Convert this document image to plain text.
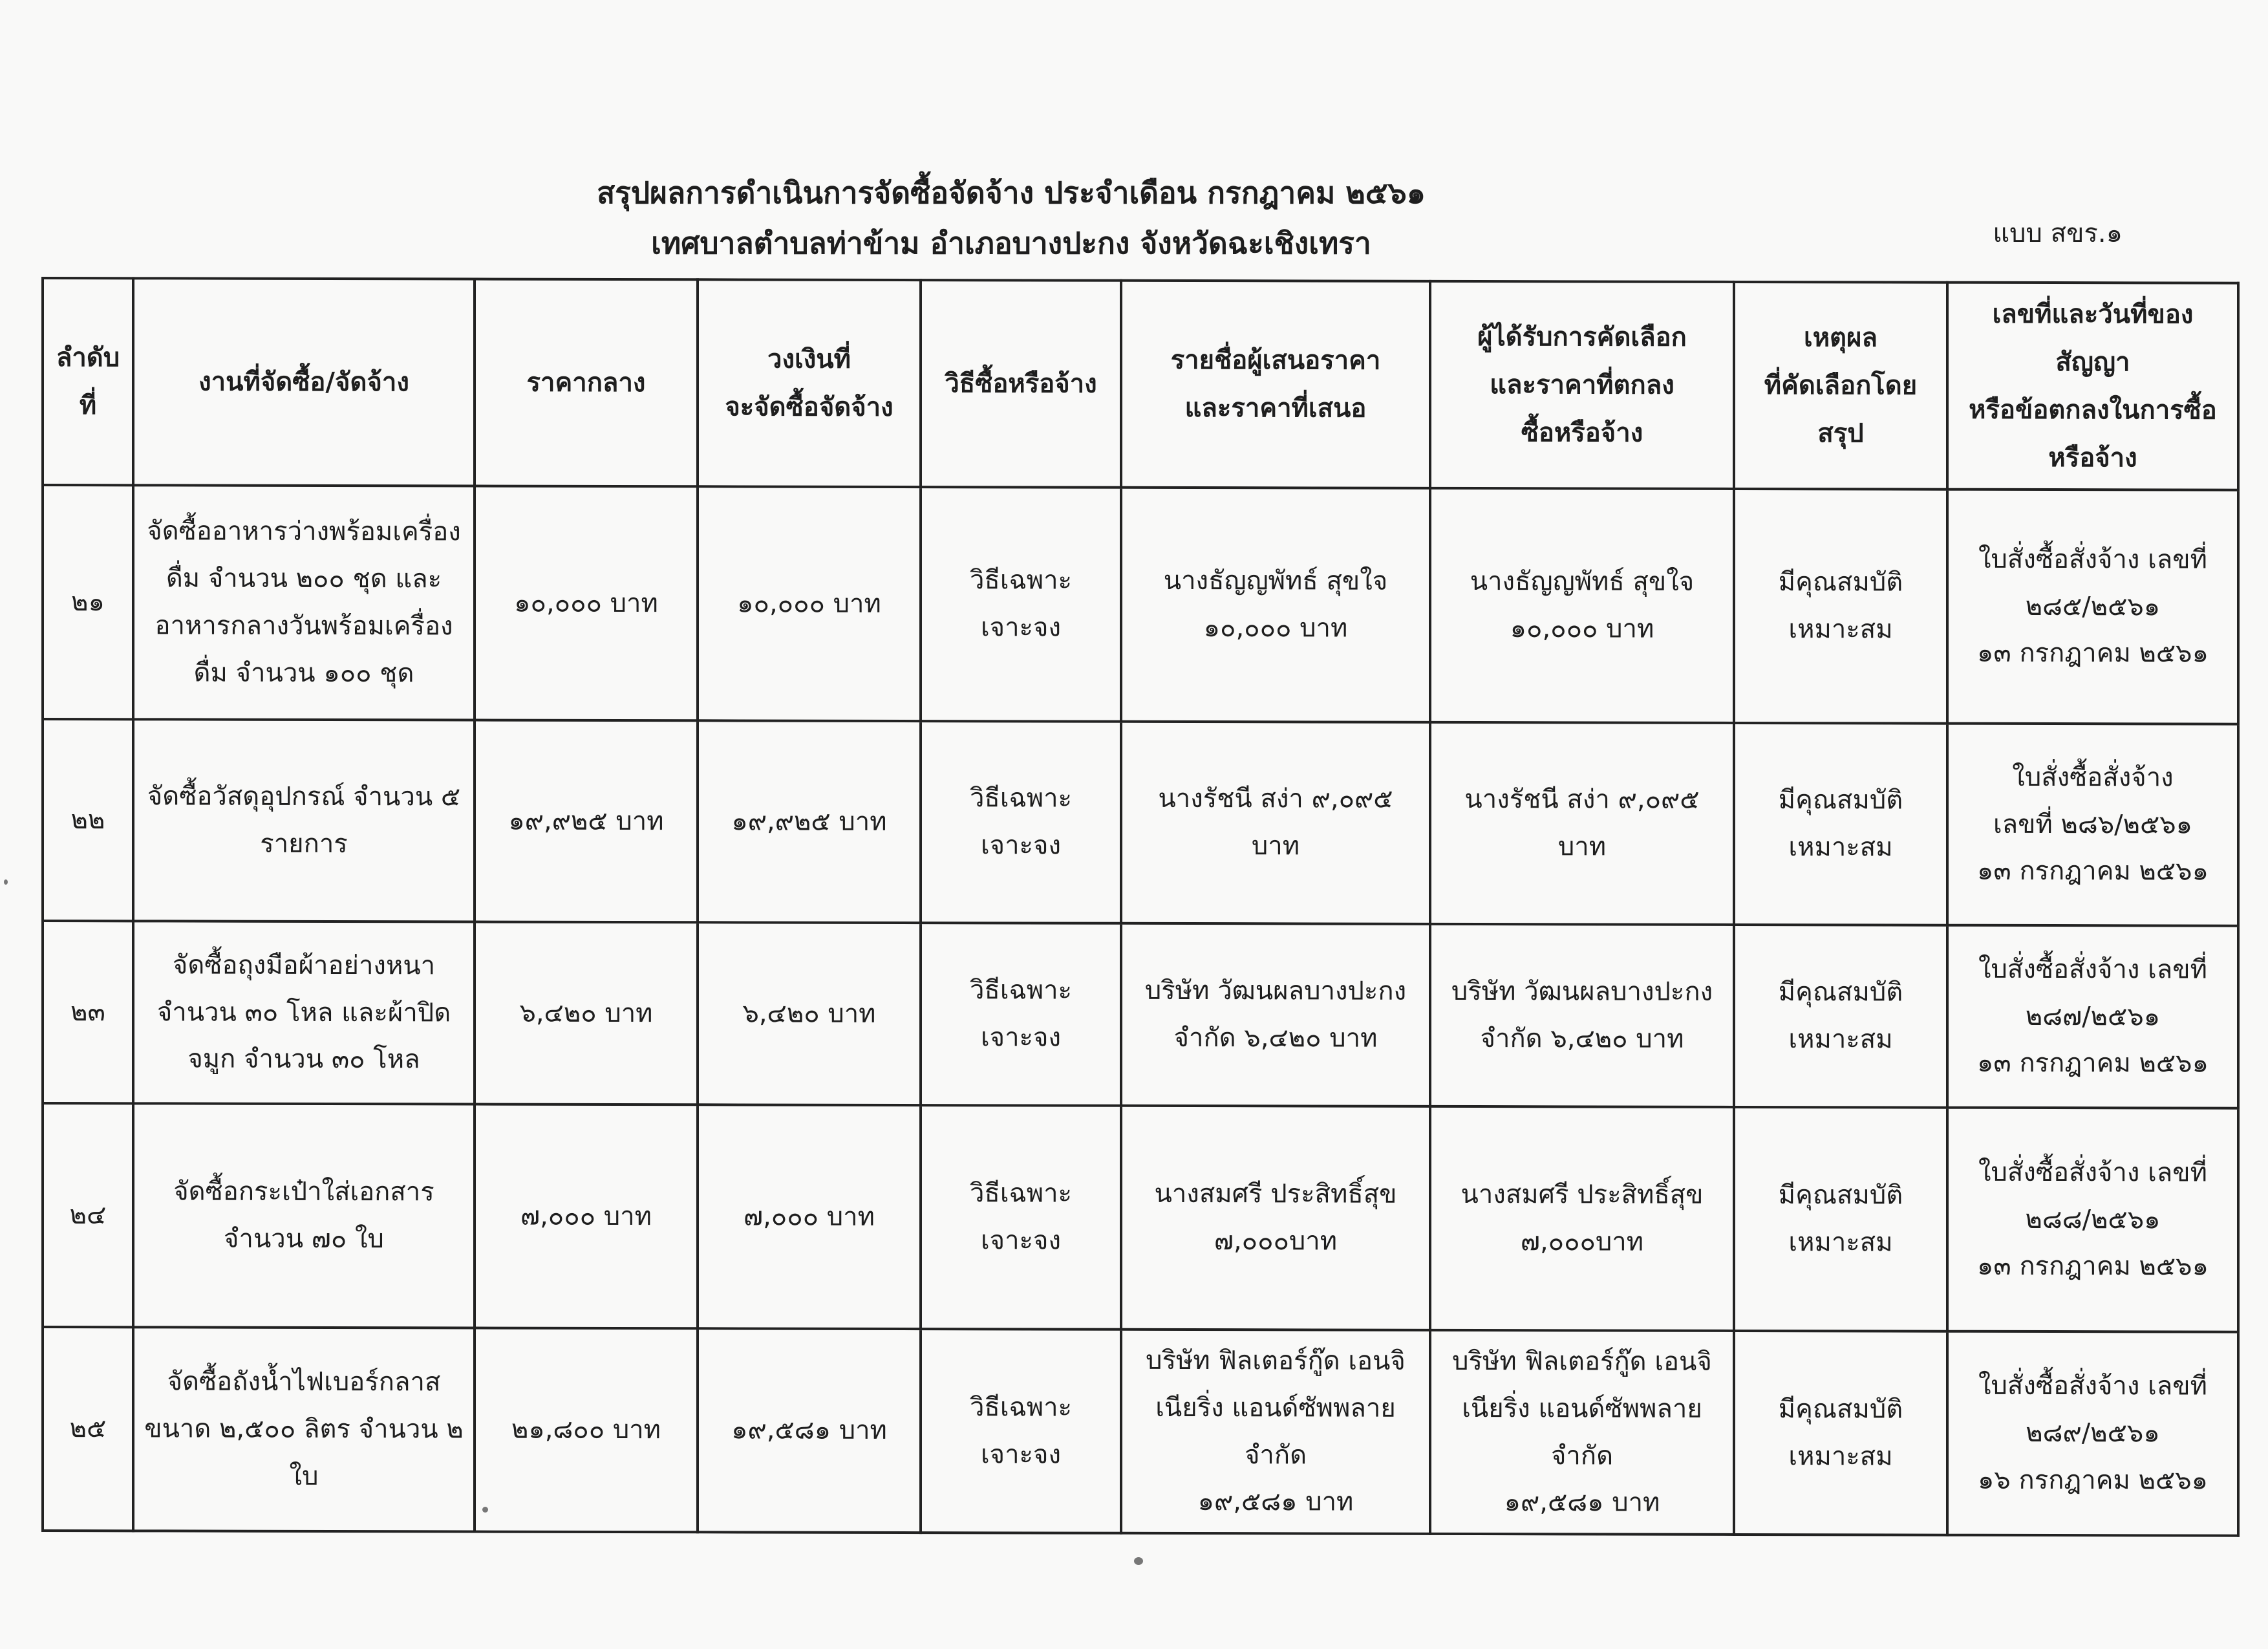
สรุปผลการดำเนินการจัดซื้อจัดจ้าง ประจำเดือน กรกฎาคม ๒๕๖๑
เทศบาลตำบลท่าข้าม อำเภอบางปะกง จังหวัดฉะเชิงเทรา	แบบ สขร.๑
ลำดับที่	งานที่จัดซื้อ/จัดจ้าง	ราคากลาง	วงเงินที่
จะจัดซื้อจัดจ้าง	วิธีซื้อหรือจ้าง	รายชื่อผู้เสนอราคา
และราคาที่เสนอ	ผู้ได้รับการคัดเลือก
และราคาที่ตกลง
ซื้อหรือจ้าง	เหตุผล
ที่คัดเลือกโดยสรุป	เลขที่และวันที่ของสัญญา
หรือข้อตกลงในการซื้อ
หรือจ้าง
๒๑	จัดซื้ออาหารว่างพร้อมเครื่องดื่ม จำนวน ๒๐๐ ชุด และอาหารกลางวันพร้อมเครื่องดื่ม จำนวน ๑๐๐ ชุด	๑๐,๐๐๐ บาท	๑๐,๐๐๐ บาท	วิธีเฉพาะเจาะจง	นางธัญญพัทธ์ สุขใจ
๑๐,๐๐๐ บาท	นางธัญญพัทธ์ สุขใจ
๑๐,๐๐๐ บาท	มีคุณสมบัติ
เหมาะสม	ใบสั่งซื้อสั่งจ้าง เลขที่
๒๘๕/๒๕๖๑
๑๓ กรกฎาคม ๒๕๖๑
๒๒	จัดซื้อวัสดุอุปกรณ์ จำนวน ๕ รายการ	๑๙,๙๒๕ บาท	๑๙,๙๒๕ บาท	วิธีเฉพาะเจาะจง	นางรัชนี สง่า ๙,๐๙๕ บาท	นางรัชนี สง่า ๙,๐๙๕ บาท	มีคุณสมบัติ
เหมาะสม	ใบสั่งซื้อสั่งจ้าง
เลขที่ ๒๘๖/๒๕๖๑
๑๓ กรกฎาคม ๒๕๖๑
๒๓	จัดซื้อถุงมือผ้าอย่างหนา จำนวน ๓๐ โหล และผ้าปิดจมูก จำนวน ๓๐ โหล	๖,๔๒๐ บาท	๖,๔๒๐ บาท	วิธีเฉพาะเจาะจง	บริษัท วัฒนผลบางปะกง
จำกัด ๖,๔๒๐ บาท	บริษัท วัฒนผลบางปะกง
จำกัด ๖,๔๒๐ บาท	มีคุณสมบัติ
เหมาะสม	ใบสั่งซื้อสั่งจ้าง เลขที่
๒๘๗/๒๕๖๑
๑๓ กรกฎาคม ๒๕๖๑
๒๔	จัดซื้อกระเป๋าใส่เอกสาร จำนวน ๗๐ ใบ	๗,๐๐๐ บาท	๗,๐๐๐ บาท	วิธีเฉพาะเจาะจง	นางสมศรี ประสิทธิ์สุข
๗,๐๐๐บาท	นางสมศรี ประสิทธิ์สุข
๗,๐๐๐บาท	มีคุณสมบัติ
เหมาะสม	ใบสั่งซื้อสั่งจ้าง เลขที่
๒๘๘/๒๕๖๑
๑๓ กรกฎาคม ๒๕๖๑
๒๕	จัดซื้อถังน้ำไฟเบอร์กลาส ขนาด ๒,๕๐๐ ลิตร จำนวน ๒ ใบ	๒๑,๘๐๐ บาท	๑๙,๕๘๑ บาท	วิธีเฉพาะเจาะจง	บริษัท ฟิลเตอร์กู๊ด เอนจิ
เนียริ่ง แอนด์ซัพพลาย จำกัด
๑๙,๕๘๑ บาท	บริษัท ฟิลเตอร์กู๊ด เอนจิ
เนียริ่ง แอนด์ซัพพลาย จำกัด
๑๙,๕๘๑ บาท	มีคุณสมบัติ
เหมาะสม	ใบสั่งซื้อสั่งจ้าง เลขที่
๒๘๙/๒๕๖๑
๑๖ กรกฎาคม ๒๕๖๑
